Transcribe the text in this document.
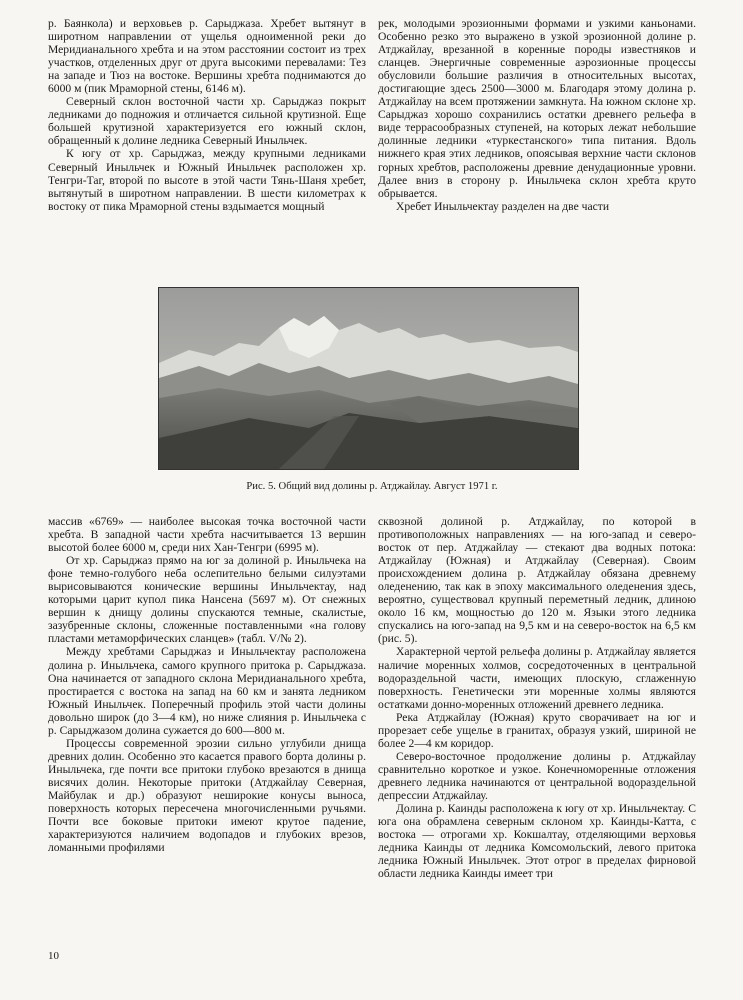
р. Баянкола) и верховьев р. Сарыджаза. Хребет вытянут в широтном направлении от ущелья одноименной реки до Меридианального хребта и на этом расстоянии состоит из трех участков, отделенных друг от друга высокими перевалами: Тез на западе и Тюз на востоке. Вершины хребта поднимаются до 6000 м (пик Мраморной стены, 6146 м).

Северный склон восточной части хр. Сарыджаз покрыт ледниками до подножия и отличается сильной крутизной. Еще большей крутизной характеризуется его южный склон, обращенный к долине ледника Северный Иныльчек.

К югу от хр. Сарыджаз, между крупными ледниками Северный Иныльчек и Южный Иныльчек расположен хр. Тенгри-Таг, второй по высоте в этой части Тянь-Шаня хребет, вытянутый в широтном направлении. В шести километрах к востоку от пика Мраморной стены вздымается мощный

рек, молодыми эрозионными формами и узкими каньонами. Особенно резко это выражено в узкой эрозионной долине р. Атджайлау, врезанной в коренные породы известняков и сланцев. Энергичные современные аэрозионные процессы обусловили большие различия в относительных высотах, достигающие здесь 2500—3000 м. Благодаря этому долина р. Атджайлау на всем протяжении замкнута. На южном склоне хр. Сарыджаз хорошо сохранились остатки древнего рельефа в виде террасообразных ступеней, на которых лежат небольшие долинные ледники «туркестанского» типа питания. Вдоль нижнего края этих ледников, опоясывая верхние части склонов горных хребтов, расположены древние денудационные уровни. Далее вниз в сторону р. Иныльчека склон хребта круто обрывается.

Хребет Иныльчектау разделен на две части

Рис. 5. Общий вид долины р. Атджайлау. Август 1971 г.

массив «6769» — наиболее высокая точка восточной части хребта. В западной части хребта насчитывается 13 вершин высотой более 6000 м, среди них Хан-Тенгри (6995 м).

От хр. Сарыджаз прямо на юг за долиной р. Иныльчека на фоне темно-голубого неба ослепительно белыми силуэтами вырисовываются конические вершины Иныльчектау, над которыми царит купол пика Нансена (5697 м). От снежных вершин к днищу долины спускаются темные, скалистые, зазубренные склоны, сложенные поставленными «на голову пластами метаморфических сланцев» (табл. V/№ 2).

Между хребтами Сарыджаз и Иныльчектау расположена долина р. Иныльчека, самого крупного притока р. Сарыджаза. Она начинается от западного склона Меридианального хребта, простирается с востока на запад на 60 км и занята ледником Южный Иныльчек. Поперечный профиль этой части долины довольно широк (до 3—4 км), но ниже слияния р. Иныльчека с р. Сарыджазом долина сужается до 600—800 м.

Процессы современной эрозии сильно углубили днища древних долин. Особенно это касается правого борта долины р. Иныльчека, где почти все притоки глубоко врезаются в днища висячих долин. Некоторые притоки (Атджайлау Северная, Майбулак и др.) образуют неширокие конусы выноса, поверхность которых пересечена многочисленными ручьями. Почти все боковые притоки имеют крутое падение, характеризуются наличием водопадов и глубоких врезов, ломанными профилями

сквозной долиной р. Атджайлау, по которой в противоположных направлениях — на юго-запад и северо-восток от пер. Атджайлау — стекают два водных потока: Атджайлау (Южная) и Атджайлау (Северная). Своим происхождением долина р. Атджайлау обязана древнему оледенению, так как в эпоху максимального оледенения здесь, вероятно, существовал крупный переметный ледник, длиною около 16 км, мощностью до 120 м. Языки этого ледника спускались на юго-запад на 9,5 км и на северо-восток на 6,5 км (рис. 5).

Характерной чертой рельефа долины р. Атджайлау является наличие моренных холмов, сосредоточенных в центральной водораздельной части, имеющих плоскую, сглаженную поверхность. Генетически эти моренные холмы являются остатками донно-моренных отложений древнего ледника.

Река Атджайлау (Южная) круто сворачивает на юг и прорезает себе ущелье в гранитах, образуя узкий, шириной не более 2—4 км коридор.

Северо-восточное продолжение долины р. Атджайлау сравнительно короткое и узкое. Конечноморенные отложения древнего ледника начинаются от центральной водораздельной депрессии Атджайлау.

Долина р. Каинды расположена к югу от хр. Иныльчектау. С юга она обрамлена северным склоном хр. Каинды-Катта, с востока — отрогами хр. Кокшалтау, отделяющими верховья ледника Каинды от ледника Комсомольский, левого притока ледника Южный Иныльчек. Этот отрог в пределах фирновой области ледника Каинды имеет три

10
